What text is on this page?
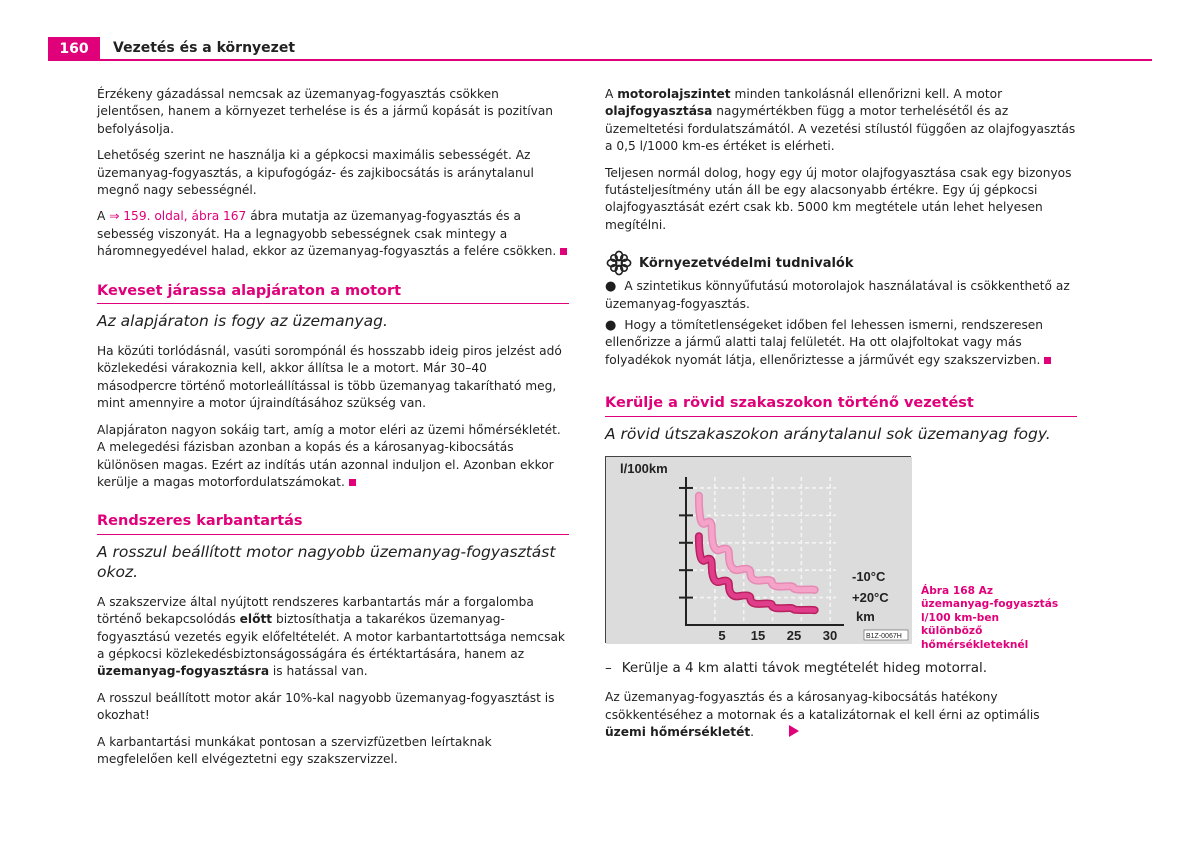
160	Vezetés és a környezet

Érzékeny gázadással nemcsak az üzemanyag-fogyasztás csökken jelentősen, hanem a környezet terhelése is és a jármű kopását is pozitívan befolyásolja.

Lehetőség szerint ne használja ki a gépkocsi maximális sebességét. Az üzemanyag-fogyasztás, a kipufogógáz- és zajkibocsátás is aránytalanul megnő nagy sebességnél.

A ⇒ 159. oldal, ábra 167 ábra mutatja az üzemanyag-fogyasztás és a sebesség viszonyát. Ha a legnagyobb sebességnek csak mintegy a háromnegyedével halad, ekkor az üzemanyag-fogyasztás a felére csökken.

Keveset járassa alapjáraton a motort
Az alapjáraton is fogy az üzemanyag.

Ha közúti torlódásnál, vasúti sorompónál és hosszabb ideig piros jelzést adó közlekedési várakoznia kell, akkor állítsa le a motort. Már 30–40 másodpercre történő motorleállítással is több üzemanyag takarítható meg, mint amennyire a motor újraindításához szükség van.

Alapjáraton nagyon sokáig tart, amíg a motor eléri az üzemi hőmérsékletét. A melegedési fázisban azonban a kopás és a károsanyag-kibocsátás különösen magas. Ezért az indítás után azonnal induljon el. Azonban ekkor kerülje a magas motorfordulatszámokat.

Rendszeres karbantartás
A rosszul beállított motor nagyobb üzemanyag-fogyasztást okoz.

A szakszervize által nyújtott rendszeres karbantartás már a forgalomba történő bekapcsolódás előtt biztosíthatja a takarékos üzemanyag-fogyasztású vezetés egyik előfeltételét. A motor karbantartottsága nemcsak a gépkocsi közlekedésbiztonságosságára és értéktartására, hanem az üzemanyag-fogyasztásra is hatással van.

A rosszul beállított motor akár 10%-kal nagyobb üzemanyag-fogyasztást is okozhat!

A karbantartási munkákat pontosan a szervizfüzetben leírtaknak megfelelően kell elvégeztetni egy szakszervizzel.

A motorolajszintet minden tankolásnál ellenőrizni kell. A motor olajfogyasztása nagymértékben függ a motor terhelésétől és az üzemeltetési fordulatszámától. A vezetési stílustól függően az olajfogyasztás a 0,5 l/1000 km-es értéket is elérheti.

Teljesen normál dolog, hogy egy új motor olajfogyasztása csak egy bizonyos futásteljesítmény után áll be egy alacsonyabb értékre. Egy új gépkocsi olajfogyasztását ezért csak kb. 5000 km megtétele után lehet helyesen megítélni.

Környezetvédelmi tudnivalók

● A szintetikus könnyűfutású motorolajok használatával is csökkenthető az üzemanyag-fogyasztás.

● Hogy a tömítetlenségeket időben fel lehessen ismerni, rendszeresen ellenőrizze a jármű alatti talaj felületét. Ha ott olajfoltokat vagy más folyadékok nyomát látja, ellenőriztesse a járművét egy szakszervizben.

Kerülje a rövid szakaszokon történő vezetést
A rövid útszakaszokon aránytalanul sok üzemanyag fogy.
l/100km
km
-10°C
+20°C
5 15 25 30	B1Z-0067H
Ábra 168 Az üzemanyag-fogyasztás l/100 km-ben különböző hőmérsékleteknél
– Kerülje a 4 km alatti távok megtételét hideg motorral.

Az üzemanyag-fogyasztás és a károsanyag-kibocsátás hatékony csökkentéséhez a motornak és a katalizátornak el kell érni az optimális üzemi hőmérsékletét.
